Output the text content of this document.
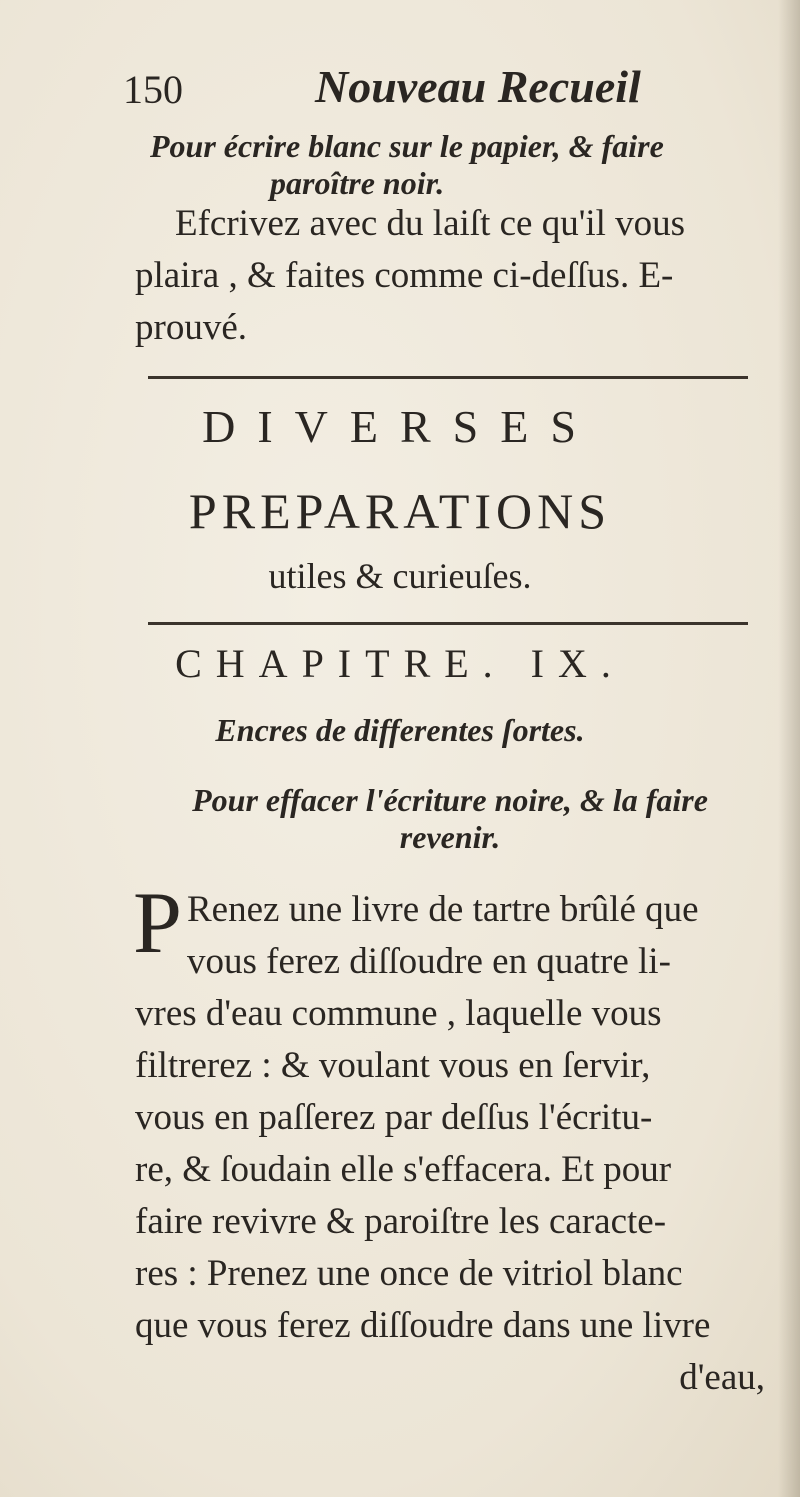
150	Nouveau Recueil
Pour écrire blanc sur le papier, & faire
paroître noir.
Efcrivez avec du laiſt ce qu'il vous
plaira , & faites comme ci-deſſus. E-
prouvé.
DIVERSES
PREPARATIONS
utiles & curieuſes.
CHAPITRE. IX.
Encres de differentes ſortes.
Pour effacer l'écriture noire, & la faire
revenir.
P Renez une livre de tartre brûlé que
vous ferez diſſoudre en quatre li-
vres d'eau commune , laquelle vous
filtrerez : & voulant vous en ſervir,
vous en paſſerez par deſſus l'écritu-
re, & ſoudain elle s'effacera. Et pour
faire revivre & paroiſtre les caracte-
res : Prenez une once de vitriol blanc
que vous ferez diſſoudre dans une livre
d'eau,
